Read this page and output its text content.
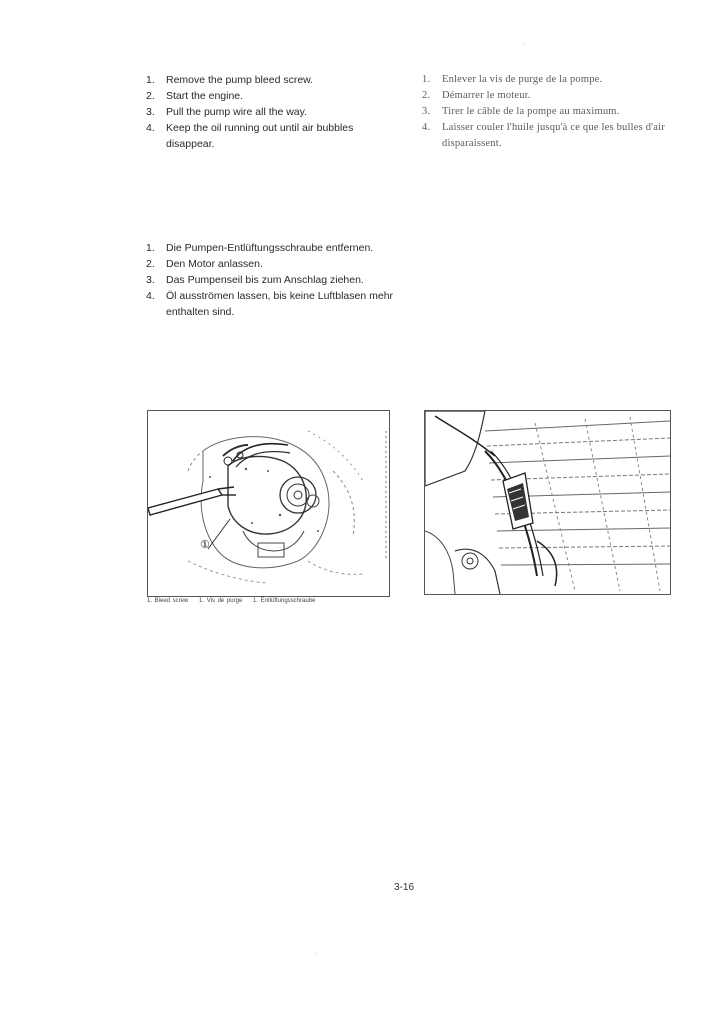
1. Remove the pump bleed screw.
2. Start the engine.
3. Pull the pump wire all the way.
4. Keep the oil running out until air bubbles disappear.
1. Enlever la vis de purge de la pompe.
2. Démarrer le moteur.
3. Tirer le câble de la pompe au maximum.
4. Laisser couler l'huile jusqu'à ce que les bulles d'air disparaissent.
1. Die Pumpen-Entlüftungsschraube entfernen.
2. Den Motor anlassen.
3. Das Pumpenseil bis zum Anschlag ziehen.
4. Öl ausströmen lassen, bis keine Luftblasen mehr enthalten sind.
①
1. Bleed screw 1. Vis de purge 1. Entlüftungsschraube
3-16
